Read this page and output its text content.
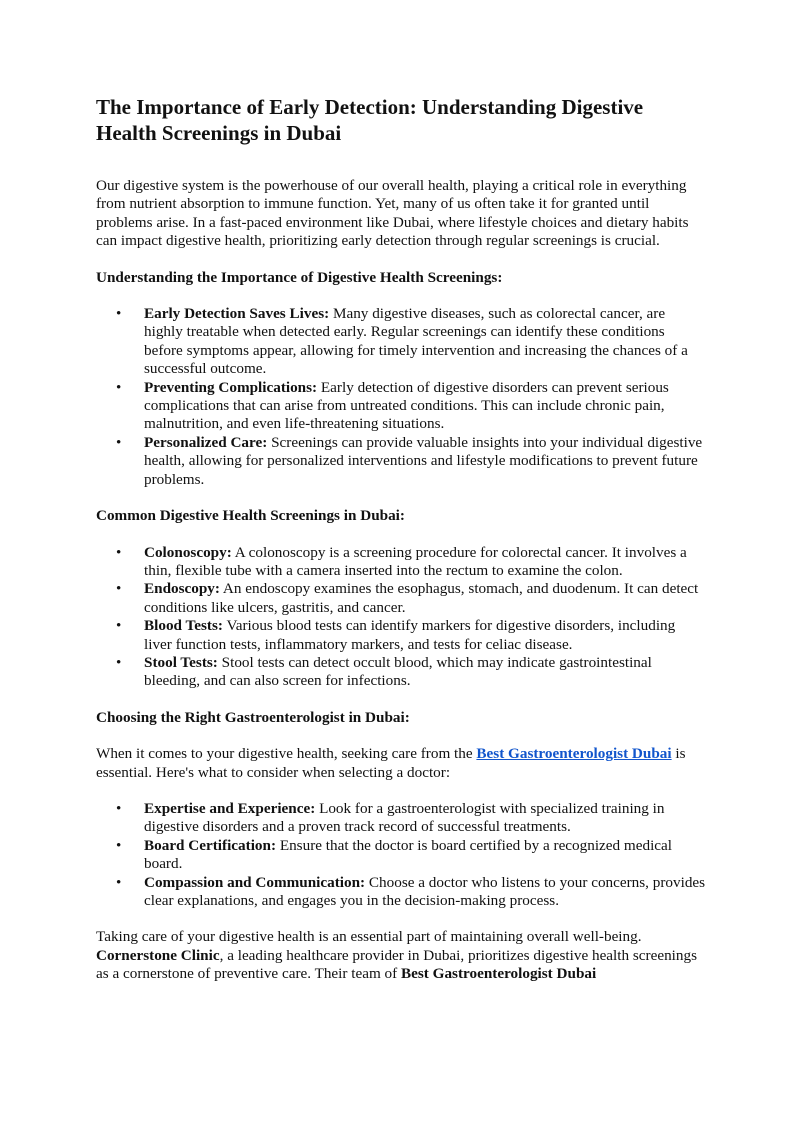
The Importance of Early Detection: Understanding Digestive Health Screenings in Dubai

Our digestive system is the powerhouse of our overall health, playing a critical role in everything from nutrient absorption to immune function. Yet, many of us often take it for granted until problems arise. In a fast-paced environment like Dubai, where lifestyle choices and dietary habits can impact digestive health, prioritizing early detection through regular screenings is crucial.

Understanding the Importance of Digestive Health Screenings:
• Early Detection Saves Lives: Many digestive diseases, such as colorectal cancer, are highly treatable when detected early. Regular screenings can identify these conditions before symptoms appear, allowing for timely intervention and increasing the chances of a successful outcome.
• Preventing Complications: Early detection of digestive disorders can prevent serious complications that can arise from untreated conditions. This can include chronic pain, malnutrition, and even life-threatening situations.
• Personalized Care: Screenings can provide valuable insights into your individual digestive health, allowing for personalized interventions and lifestyle modifications to prevent future problems.
Common Digestive Health Screenings in Dubai:
• Colonoscopy: A colonoscopy is a screening procedure for colorectal cancer. It involves a thin, flexible tube with a camera inserted into the rectum to examine the colon.
• Endoscopy: An endoscopy examines the esophagus, stomach, and duodenum. It can detect conditions like ulcers, gastritis, and cancer.
• Blood Tests: Various blood tests can identify markers for digestive disorders, including liver function tests, inflammatory markers, and tests for celiac disease.
• Stool Tests: Stool tests can detect occult blood, which may indicate gastrointestinal bleeding, and can also screen for infections.
Choosing the Right Gastroenterologist in Dubai:

When it comes to your digestive health, seeking care from the Best Gastroenterologist Dubai is essential. Here's what to consider when selecting a doctor:

• Expertise and Experience: Look for a gastroenterologist with specialized training in digestive disorders and a proven track record of successful treatments.
• Board Certification: Ensure that the doctor is board certified by a recognized medical board.
• Compassion and Communication: Choose a doctor who listens to your concerns, provides clear explanations, and engages you in the decision-making process.

Taking care of your digestive health is an essential part of maintaining overall well-being. Cornerstone Clinic, a leading healthcare provider in Dubai, prioritizes digestive health screenings as a cornerstone of preventive care. Their team of Best Gastroenterologist Dubai
